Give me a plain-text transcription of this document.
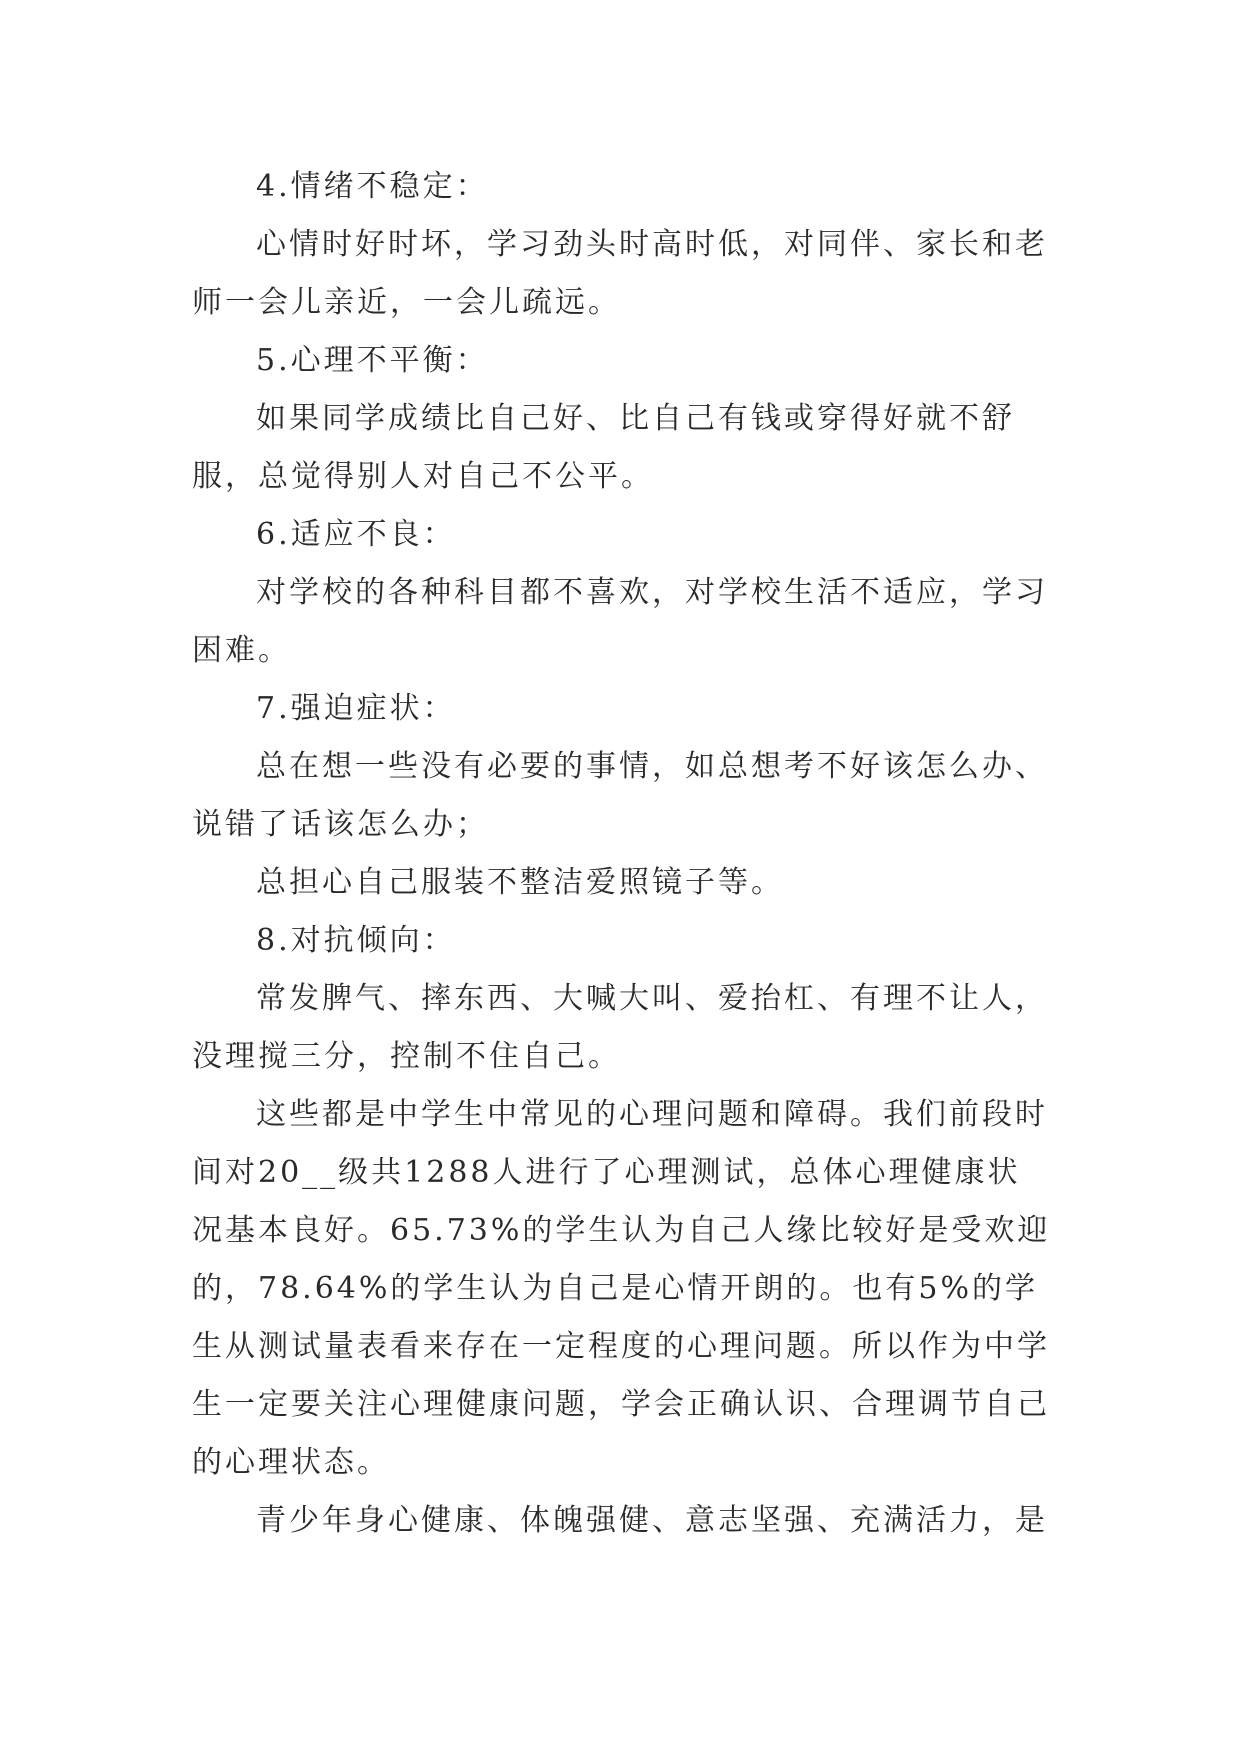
4.情绪不稳定：

心情时好时坏，学习劲头时高时低，对同伴、家长和老师一会儿亲近，一会儿疏远。

5.心理不平衡：

如果同学成绩比自己好、比自己有钱或穿得好就不舒服，总觉得别人对自己不公平。

6.适应不良：

对学校的各种科目都不喜欢，对学校生活不适应，学习困难。

7.强迫症状：

总在想一些没有必要的事情，如总想考不好该怎么办、说错了话该怎么办；

总担心自己服装不整洁爱照镜子等。

8.对抗倾向：

常发脾气、摔东西、大喊大叫、爱抬杠、有理不让人，没理搅三分，控制不住自己。

这些都是中学生中常见的心理问题和障碍。我们前段时间对20__级共1288人进行了心理测试，总体心理健康状况基本良好。65.73%的学生认为自己人缘比较好是受欢迎的，78.64%的学生认为自己是心情开朗的。也有5%的学生从测试量表看来存在一定程度的心理问题。所以作为中学生一定要关注心理健康问题，学会正确认识、合理调节自己的心理状态。

青少年身心健康、体魄强健、意志坚强、充满活力，是
